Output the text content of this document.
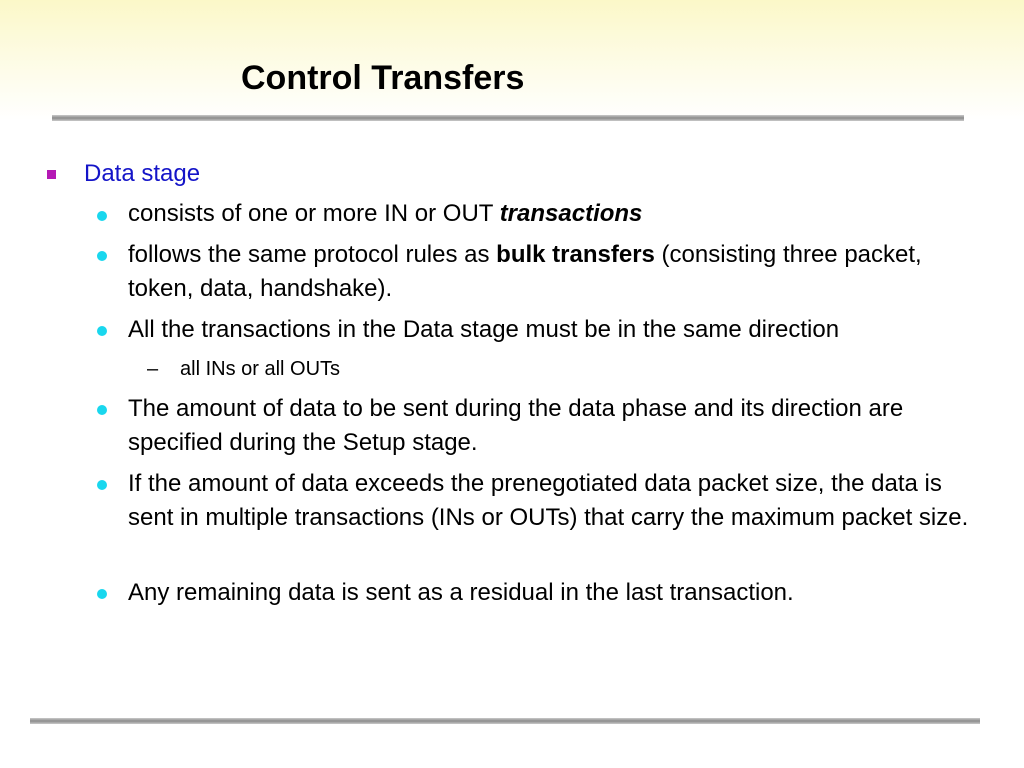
Control Transfers
Data stage
consists of one or more IN or OUT transactions
follows the same protocol rules as bulk transfers (consisting three packet, token, data, handshake).
All the transactions in the Data stage must be in the same direction
– all INs or all OUTs
The amount of data to be sent during the data phase and its direction are specified during the Setup stage.
If the amount of data exceeds the prenegotiated data packet size, the data is sent in multiple transactions (INs or OUTs) that carry the maximum packet size.
Any remaining data is sent as a residual in the last transaction.
